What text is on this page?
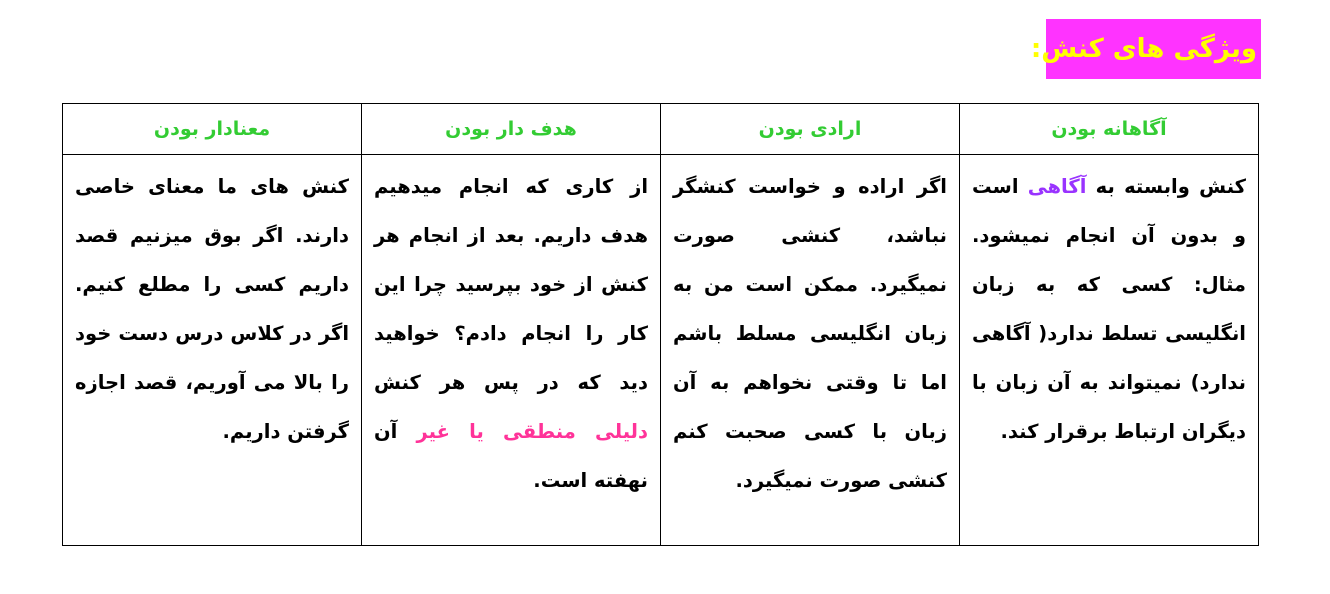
ویژگی های کنش:
آگاهانه بودن	ارادی بودن	هدف دار بودن	معنادار بودن

کنش وابسته به آگاهی است و بدون آن انجام نمیشود. مثال: کسی که به زبان انگلیسی تسلط ندارد( آگاهی ندارد) نمیتواند به آن زبان با دیگران ارتباط برقرار کند.	اگر اراده و خواست کنشگر نباشد، کنشی صورت نمیگیرد. ممکن است من به زبان انگلیسی مسلط باشم اما تا وقتی نخواهم به آن زبان با کسی صحبت کنم کنشی صورت نمیگیرد.	از کاری که انجام میدهیم هدف داریم. بعد از انجام هر کنش از خود بپرسید چرا این کار را انجام دادم؟ خواهید دید که در پس هر کنش دلیلی منطقی یا غیر آن نهفته است.	کنش های ما معنای خاصی دارند. اگر بوق میزنیم قصد داریم کسی را مطلع کنیم. اگر در کلاس درس دست خود را بالا می آوریم، قصد اجازه گرفتن داریم.
